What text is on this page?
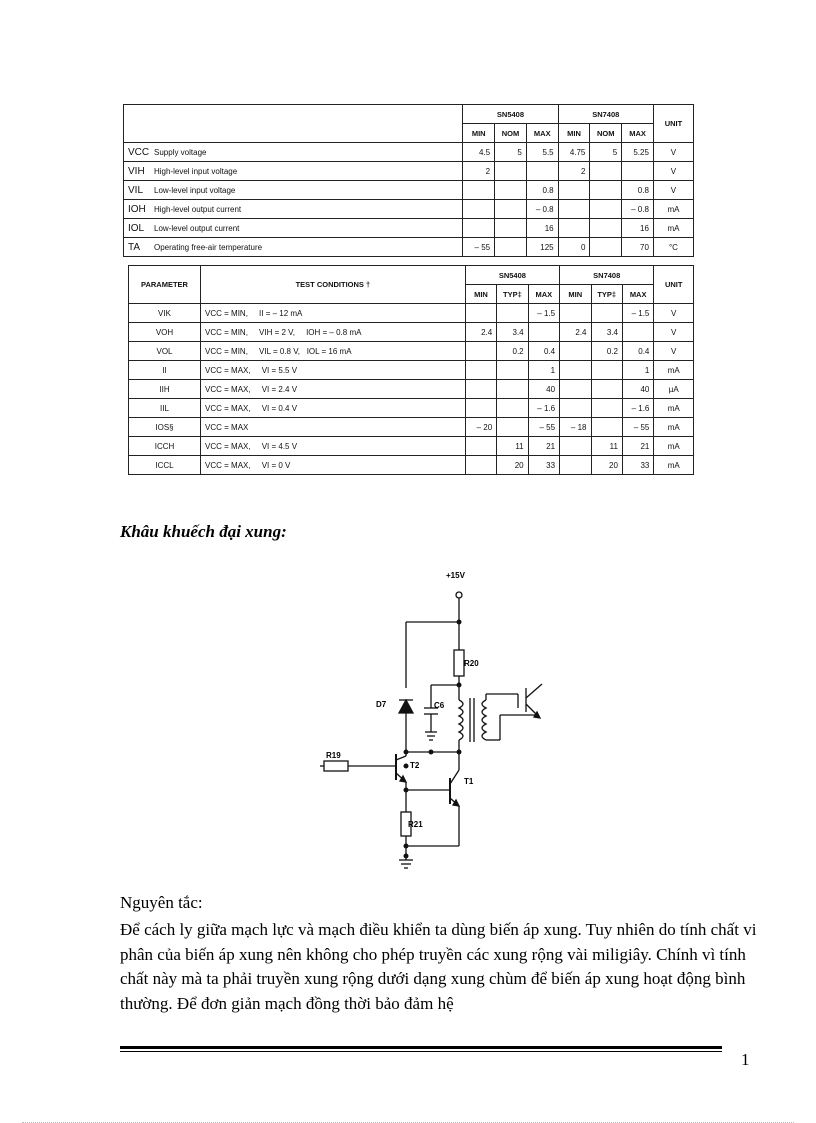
	SN5408			SN7408			UNIT
	MIN	NOM	MAX	MIN	NOM	MAX	
VCC Supply voltage	4.5	5	5.5	4.75	5	5.25	V
VIH High-level input voltage	2			2			V
VIL Low-level input voltage			0.8			0.8	V
IOH High-level output current			– 0.8			– 0.8	mA
IOL Low-level output current			16			16	mA
TA Operating free-air temperature	– 55		125	0		70	°C
PARAMETER	TEST CONDITIONS †	SN5408			SN7408			UNIT
		MIN	TYP‡	MAX	MIN	TYP‡	MAX	
VIK	VCC = MIN,     II = – 12 mA			– 1.5			– 1.5	V
VOH	VCC = MIN,     VIH = 2 V,     IOH = – 0.8 mA	2.4	3.4		2.4	3.4		V
VOL	VCC = MIN,     VIL = 0.8 V,   IOL = 16 mA		0.2	0.4		0.2	0.4	V
II	VCC = MAX,     VI = 5.5 V			1			1	mA
IIH	VCC = MAX,     VI = 2.4 V			40			40	µA
IIL	VCC = MAX,     VI = 0.4 V			– 1.6			– 1.6	mA
IOS§	VCC = MAX	– 20		– 55	– 18		– 55	mA
ICCH	VCC = MAX,     VI = 4.5 V		11	21		11	21	mA
ICCL	VCC = MAX,     VI = 0 V		20	33		20	33	mA
Khâu khuếch đại xung:
+15V
R20
D7	C6
R19
T2
T1
R21
Nguyên tắc:
Để cách ly giữa mạch lực và mạch điều khiển ta dùng biến áp xung. Tuy nhiên do tính chất vi phân của biến áp xung nên không cho phép truyền các xung rộng vài miligiây. Chính vì tính chất này mà ta phải truyền xung rộng dưới dạng xung chùm để biến áp xung hoạt động bình thường. Để đơn giản mạch đồng thời bảo đảm hệ
1
